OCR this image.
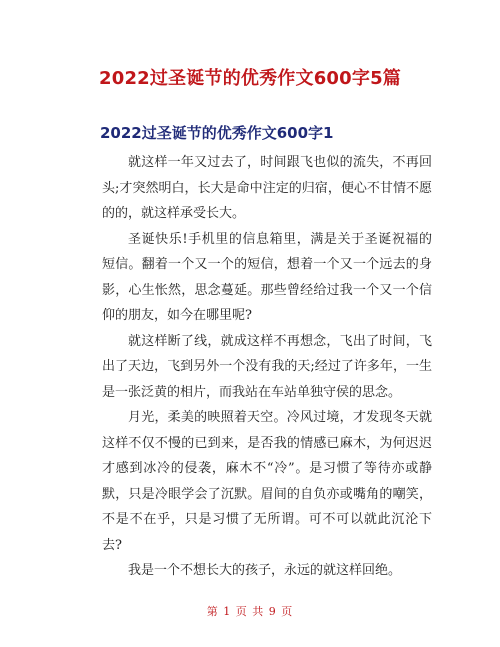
2022过圣诞节的优秀作文600字5篇
2022过圣诞节的优秀作文600字1

就这样一年又过去了，时间跟飞也似的流失，不再回头;才突然明白，长大是命中注定的归宿，便心不甘情不愿的的，就这样承受长大。

圣诞快乐!手机里的信息箱里，满是关于圣诞祝福的短信。翻着一个又一个的短信，想着一个又一个远去的身影，心生怅然，思念蔓延。那些曾经给过我一个又一个信仰的朋友，如今在哪里呢?

就这样断了线，就成这样不再想念，飞出了时间，飞出了天边，飞到另外一个没有我的天;经过了许多年，一生是一张泛黄的相片，而我站在车站单独守侯的思念。

月光，柔美的映照着天空。冷风过境，才发现冬天就这样不仅不慢的已到来，是否我的情感已麻木，为何迟迟才感到冰冷的侵袭，麻木不“冷”。是习惯了等待亦或静默，只是冷眼学会了沉默。眉间的自负亦或嘴角的嘲笑，不是不在乎，只是习惯了无所谓。可不可以就此沉沦下去?

我是一个不想长大的孩子，永远的就这样回绝。

第 1 页 共 9 页
